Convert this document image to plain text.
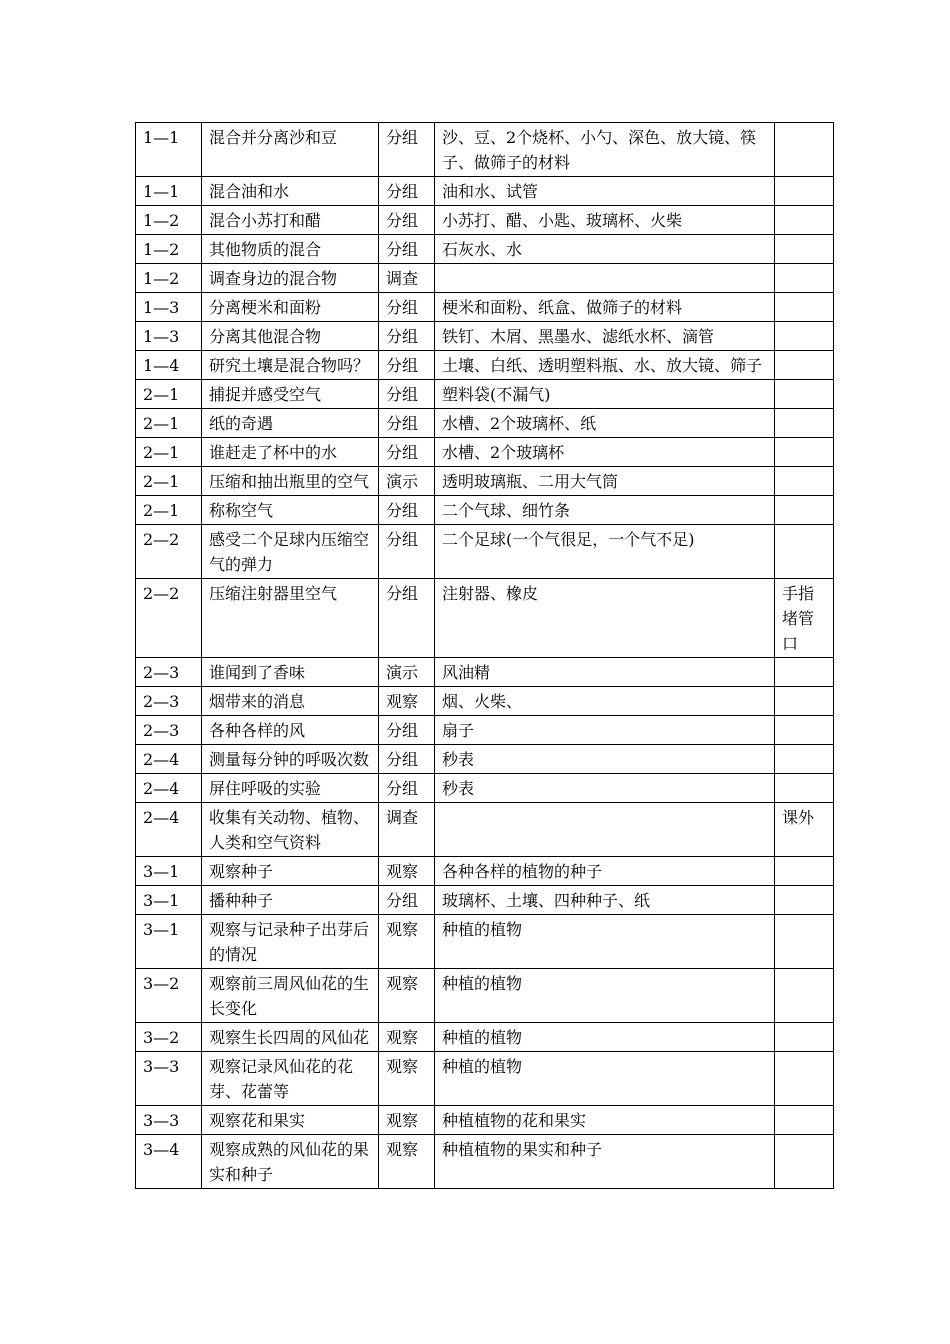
1—1	混合并分离沙和豆	分组	沙、豆、2个烧杯、小勺、深色、放大镜、筷子、做筛子的材料	
1—1	混合油和水	分组	油和水、试管	
1—2	混合小苏打和醋	分组	小苏打、醋、小匙、玻璃杯、火柴	
1—2	其他物质的混合	分组	石灰水、水	
1—2	调查身边的混合物	调查		
1—3	分离梗米和面粉	分组	梗米和面粉、纸盒、做筛子的材料	
1—3	分离其他混合物	分组	铁钉、木屑、黑墨水、滤纸水杯、滴管	
1—4	研究土壤是混合物吗？	分组	土壤、白纸、透明塑料瓶、水、放大镜、筛子	
2—1	捕捉并感受空气	分组	塑料袋(不漏气)	
2—1	纸的奇遇	分组	水槽、2个玻璃杯、纸	
2—1	谁赶走了杯中的水	分组	水槽、2个玻璃杯	
2—1	压缩和抽出瓶里的空气	演示	透明玻璃瓶、二用大气筒	
2—1	称称空气	分组	二个气球、细竹条	
2—2	感受二个足球内压缩空气的弹力	分组	二个足球(一个气很足，一个气不足)	
2—2	压缩注射器里空气	分组	注射器、橡皮	手指堵管口
2—3	谁闻到了香味	演示	风油精	
2—3	烟带来的消息	观察	烟、火柴、	
2—3	各种各样的风	分组	扇子	
2—4	测量每分钟的呼吸次数	分组	秒表	
2—4	屏住呼吸的实验	分组	秒表	
2—4	收集有关动物、植物、人类和空气资料	调查		课外
3—1	观察种子	观察	各种各样的植物的种子	
3—1	播种种子	分组	玻璃杯、土壤、四种种子、纸	
3—1	观察与记录种子出芽后的情况	观察	种植的植物	
3—2	观察前三周风仙花的生长变化	观察	种植的植物	
3—2	观察生长四周的风仙花	观察	种植的植物	
3—3	观察记录风仙花的花芽、花蕾等	观察	种植的植物	
3—3	观察花和果实	观察	种植植物的花和果实	
3—4	观察成熟的风仙花的果实和种子	观察	种植植物的果实和种子	
